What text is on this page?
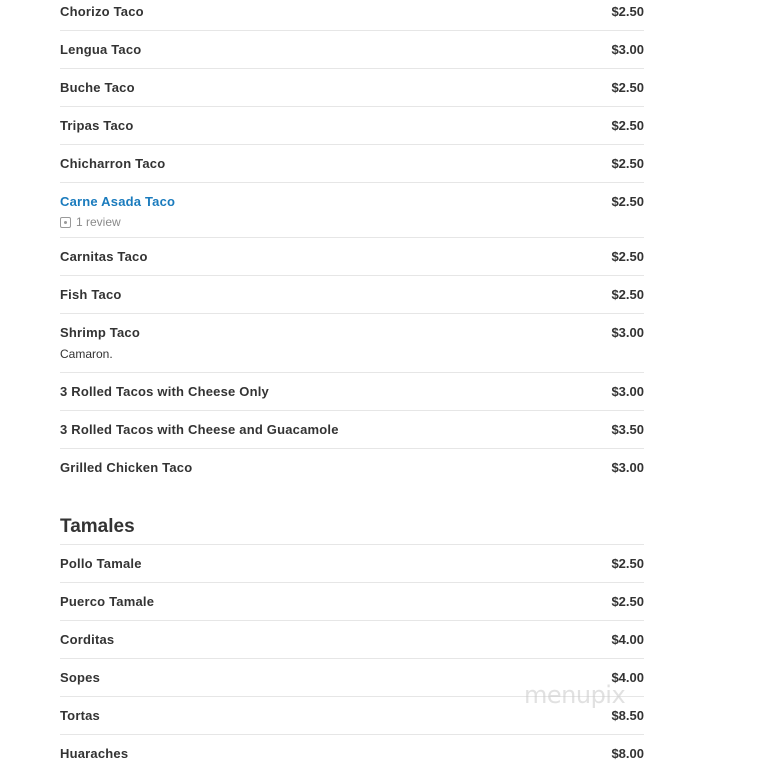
Chorizo Taco	$2.50
Lengua Taco	$3.00
Buche Taco	$2.50
Tripas Taco	$2.50
Chicharron Taco	$2.50
Carne Asada Taco	$2.50
1 review
Carnitas Taco	$2.50
Fish Taco	$2.50
Shrimp Taco	$3.00
Camaron.
3 Rolled Tacos with Cheese Only	$3.00
3 Rolled Tacos with Cheese and Guacamole	$3.50
Grilled Chicken Taco	$3.00
Tamales
Pollo Tamale	$2.50
Puerco Tamale	$2.50
Corditas	$4.00
Sopes	$4.00
Tortas	$8.50
Huaraches	$8.00
menupix
